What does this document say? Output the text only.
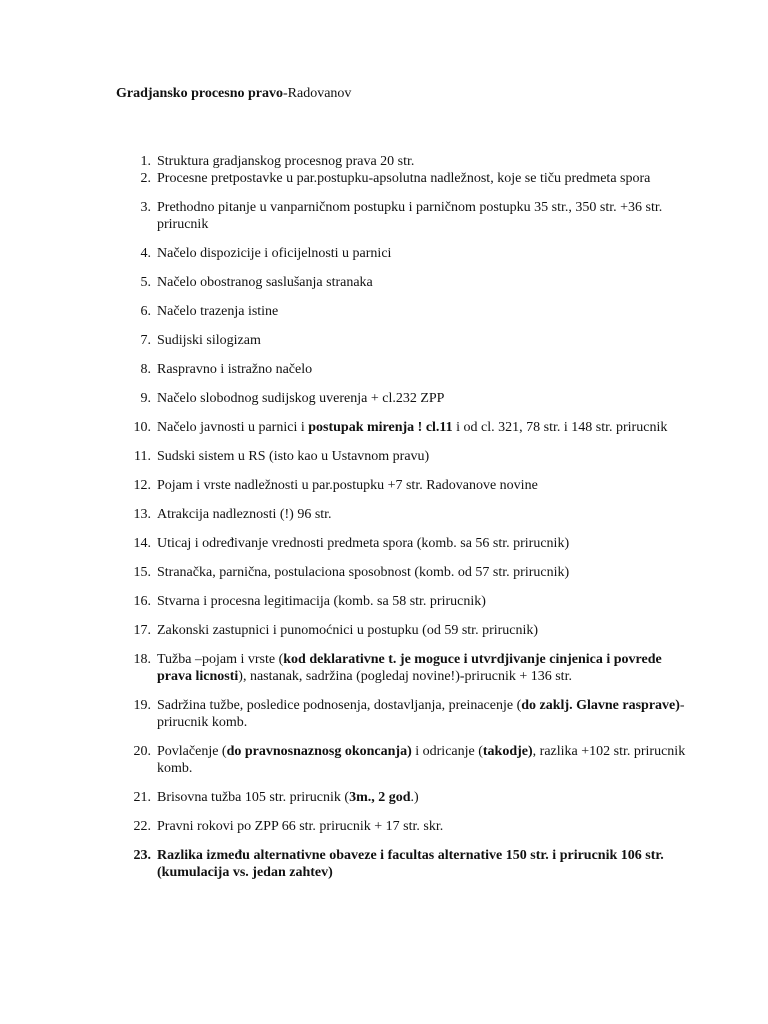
Gradjansko procesno pravo-Radovanov
1. Struktura gradjanskog procesnog prava 20 str.
2. Procesne pretpostavke u par.postupku-apsolutna nadležnost, koje se tiču predmeta spora
3. Prethodno pitanje u vanparničnom postupku i parničnom postupku 35 str., 350 str. +36 str. prirucnik
4. Načelo dispozicije i oficijelnosti u parnici
5. Načelo obostranog saslušanja stranaka
6. Načelo trazenja istine
7. Sudijski silogizam
8. Raspravno i istražno načelo
9. Načelo slobodnog sudijskog uverenja + cl.232 ZPP
10. Načelo javnosti u parnici i postupak mirenja ! cl.11 i od cl. 321, 78 str. i 148 str. prirucnik
11. Sudski sistem u RS (isto kao u Ustavnom pravu)
12. Pojam i vrste nadležnosti u par.postupku +7 str. Radovanove novine
13. Atrakcija nadleznosti (!) 96 str.
14. Uticaj i određivanje vrednosti predmeta spora (komb. sa 56 str. prirucnik)
15. Stranačka, parnična, postulaciona sposobnost (komb. od 57 str. prirucnik)
16. Stvarna i procesna legitimacija (komb. sa 58 str. prirucnik)
17. Zakonski zastupnici i punomoćnici u postupku (od 59 str. prirucnik)
18. Tužba –pojam i vrste (kod deklarativne t. je moguce i utvrdjivanje cinjenica i povrede prava licnosti), nastanak, sadržina (pogledaj novine!)-prirucnik + 136 str.
19. Sadržina tužbe, posledice podnosenja, dostavljanja, preinacenje (do zaklj. Glavne rasprave)-prirucnik komb.
20. Povlačenje (do pravnosnaznosg okoncanja) i odricanje (takodje), razlika +102 str. prirucnik komb.
21. Brisovna tužba 105 str. prirucnik (3m., 2 god.)
22. Pravni rokovi po ZPP 66 str. prirucnik + 17 str. skr.
23. Razlika između alternativne obaveze i facultas alternative 150 str. i prirucnik 106 str. (kumulacija vs. jedan zahtev)
